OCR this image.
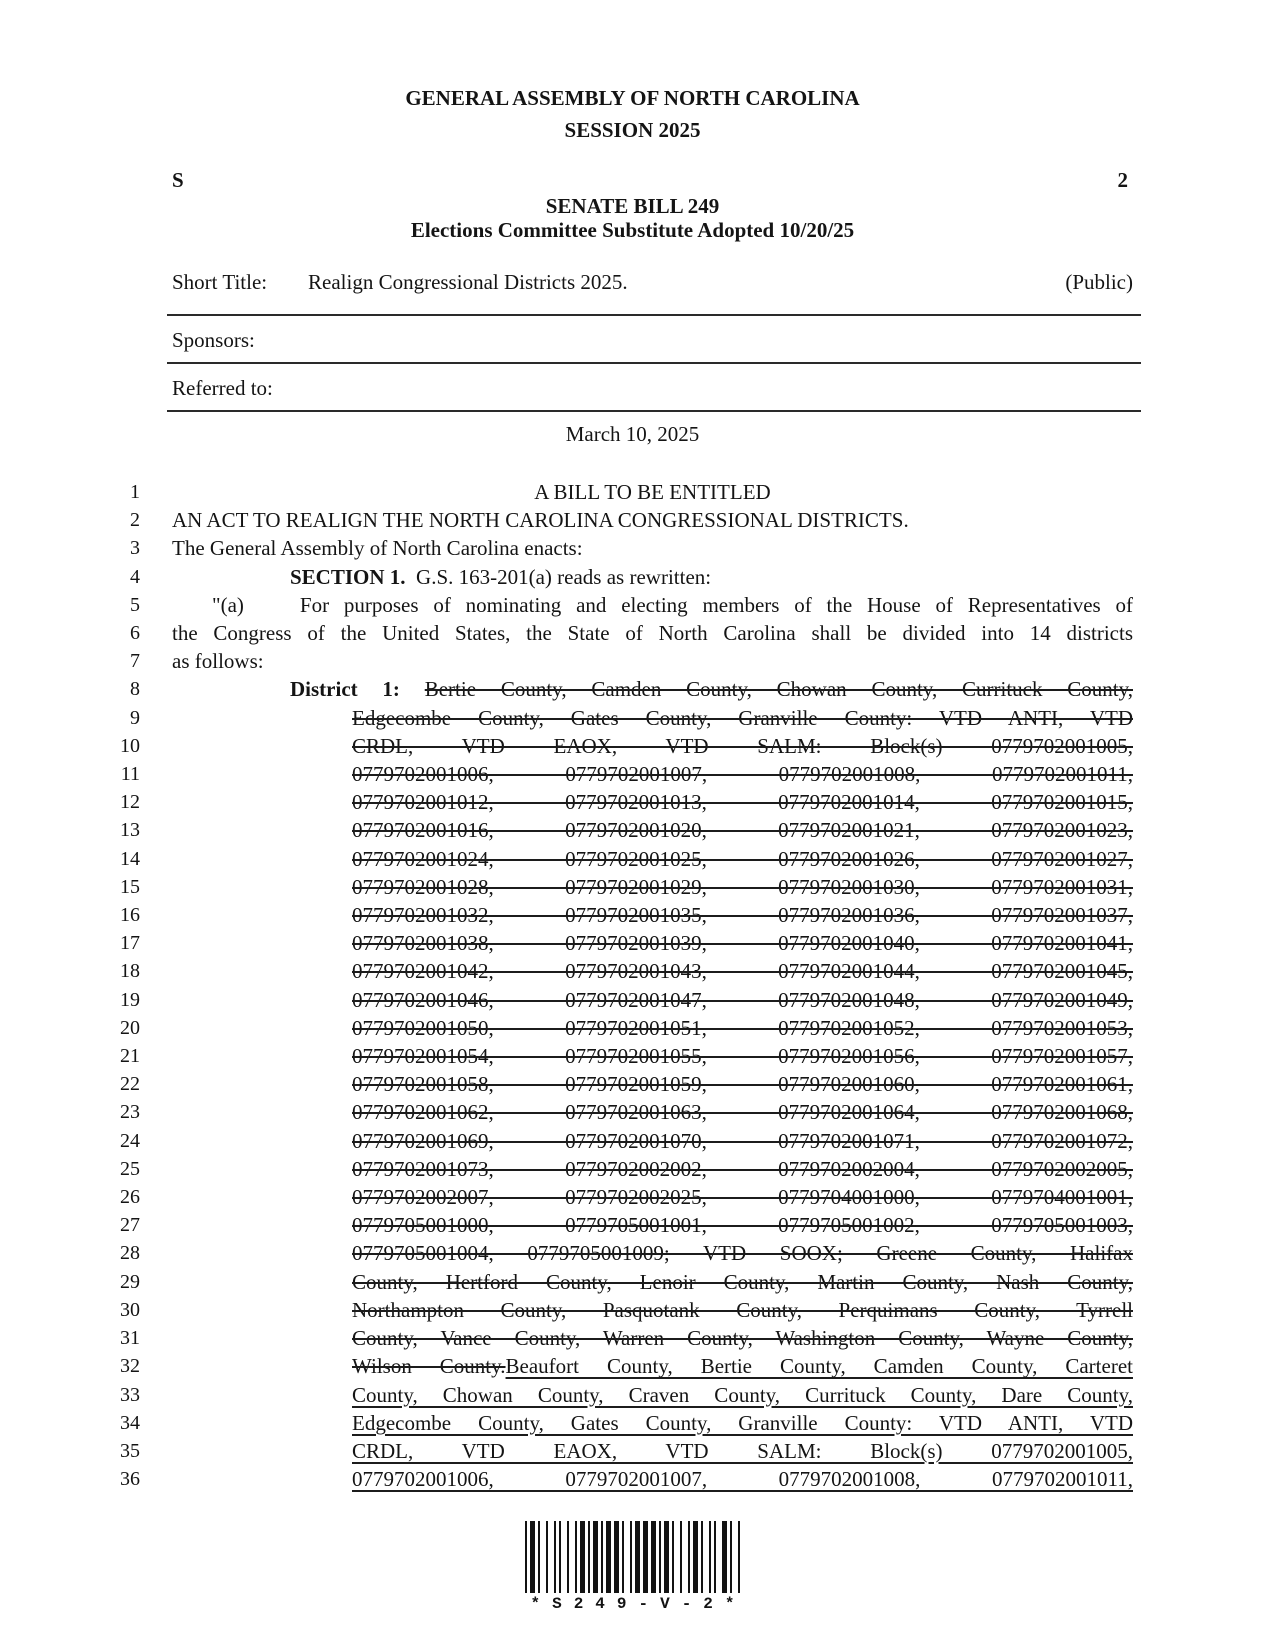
GENERAL ASSEMBLY OF NORTH CAROLINA
SESSION 2025
S	2
SENATE BILL 249
Elections Committee Substitute Adopted 10/20/25
Short Title:	Realign Congressional Districts 2025.	(Public)
Sponsors:
Referred to:
March 10, 2025
1	A BILL TO BE ENTITLED
2 AN ACT TO REALIGN THE NORTH CAROLINA CONGRESSIONAL DISTRICTS.
3 The General Assembly of North Carolina enacts:
4	SECTION 1.  G.S. 163-201(a) reads as rewritten:
5	"(a)	For purposes of nominating and electing members of the House of Representatives of
6 the Congress of the United States, the State of North Carolina shall be divided into 14 districts
7 as follows:
8	District 1: Bertie County, Camden County, Chowan County, Currituck County,
9	Edgecombe County, Gates County, Granville County: VTD ANTI, VTD
10	CRDL, VTD EAOX, VTD SALM: Block(s) 0779702001005,
11	0779702001006, 0779702001007, 0779702001008, 0779702001011,
12	0779702001012, 0779702001013, 0779702001014, 0779702001015,
13	0779702001016, 0779702001020, 0779702001021, 0779702001023,
14	0779702001024, 0779702001025, 0779702001026, 0779702001027,
15	0779702001028, 0779702001029, 0779702001030, 0779702001031,
16	0779702001032, 0779702001035, 0779702001036, 0779702001037,
17	0779702001038, 0779702001039, 0779702001040, 0779702001041,
18	0779702001042, 0779702001043, 0779702001044, 0779702001045,
19	0779702001046, 0779702001047, 0779702001048, 0779702001049,
20	0779702001050, 0779702001051, 0779702001052, 0779702001053,
21	0779702001054, 0779702001055, 0779702001056, 0779702001057,
22	0779702001058, 0779702001059, 0779702001060, 0779702001061,
23	0779702001062, 0779702001063, 0779702001064, 0779702001068,
24	0779702001069, 0779702001070, 0779702001071, 0779702001072,
25	0779702001073, 0779702002002, 0779702002004, 0779702002005,
26	0779702002007, 0779702002025, 0779704001000, 0779704001001,
27	0779705001000, 0779705001001, 0779705001002, 0779705001003,
28	0779705001004, 0779705001009; VTD SOOX; Greene County, Halifax
29	County, Hertford County, Lenoir County, Martin County, Nash County,
30	Northampton County, Pasquotank County, Perquimans County, Tyrrell
31	County, Vance County, Warren County, Washington County, Wayne County,
32	Wilson County.Beaufort County, Bertie County, Camden County, Carteret
33	County, Chowan County, Craven County, Currituck County, Dare County,
34	Edgecombe County, Gates County, Granville County: VTD ANTI, VTD
35	CRDL, VTD EAOX, VTD SALM: Block(s) 0779702001005,
36	0779702001006, 0779702001007, 0779702001008, 0779702001011,
*S249-V-2*
